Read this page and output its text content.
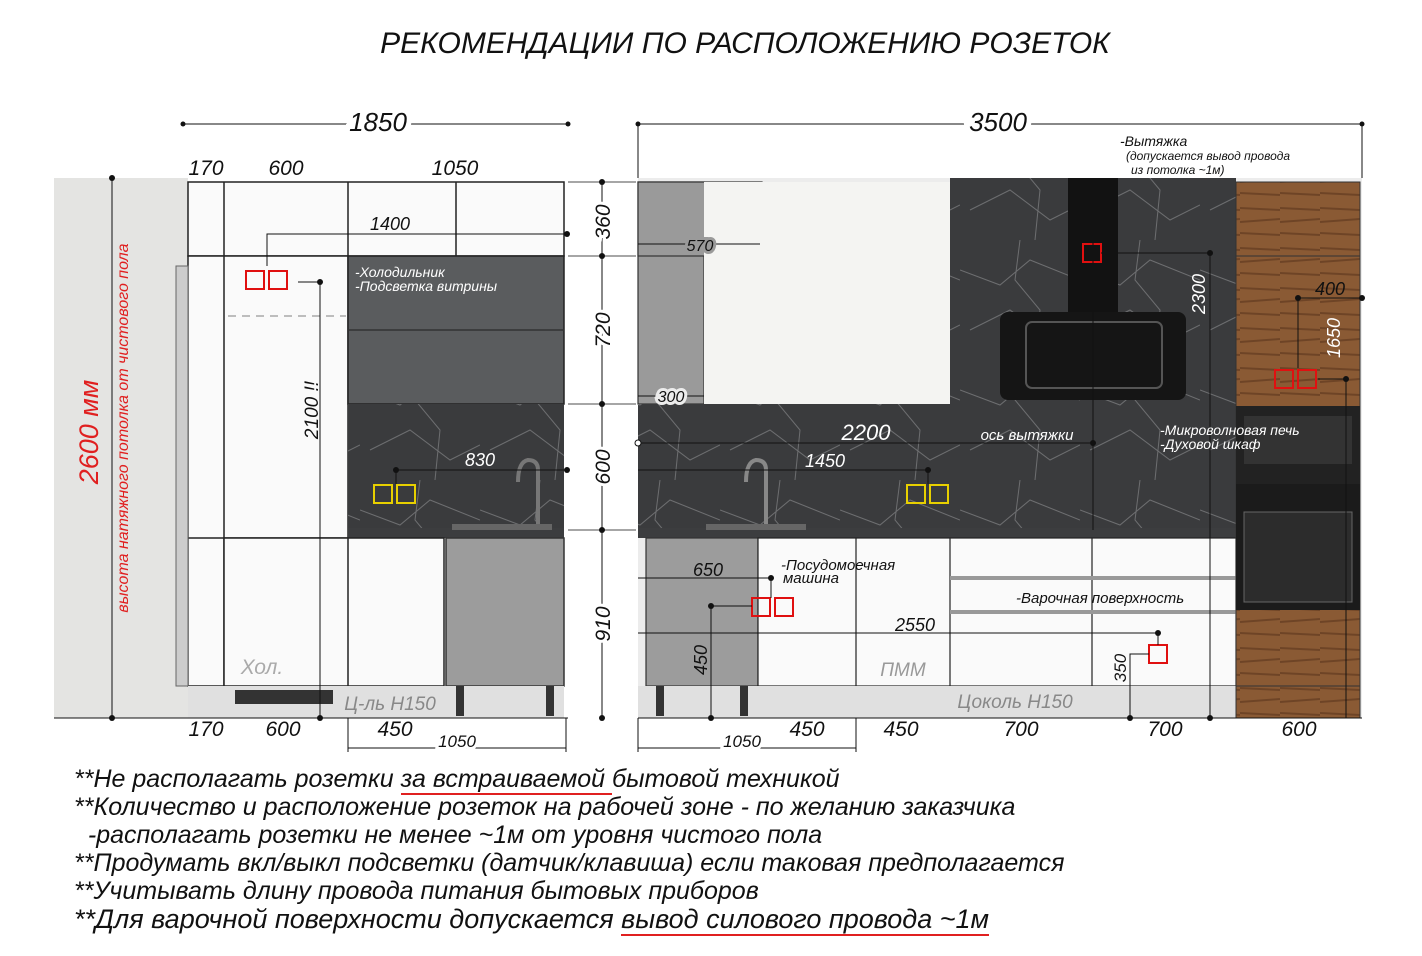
РЕКОМЕНДАЦИИ ПО РАСПОЛОЖЕНИЮ РОЗЕТОК
1850
170 600	1050
1400
-Холодильник
-Подсветка витрины
830
Хол.
Ц-ль Н150
170 600	450
1050
2100 !!
2600 мм высота натяжного потолка от чистового пола
360
720
600
910
3500
-Вытяжка
(допускается вывод провода
из потолка ~1м)
570
300
2300	400
1650
2200	ось вытяжки	-Микроволновая печь
-Духовой шкаф
1450
-Посудомоечная
машина
650
-Варочная поверхность
2550
450	350
ПММ
Цоколь Н150
450	450	700	700	600
1050
**Не располагать розетки за встраиваемой бытовой техникой
**Количество и расположение розеток на рабочей зоне - по желанию заказчика
-располагать розетки не менее ~1м от уровня чистого пола
**Продумать вкл/выкл подсветки (датчик/клавиша) если таковая предполагается
**Учитывать длину провода питания бытовых приборов
**Для варочной поверхности допускается вывод силового провода ~1м
